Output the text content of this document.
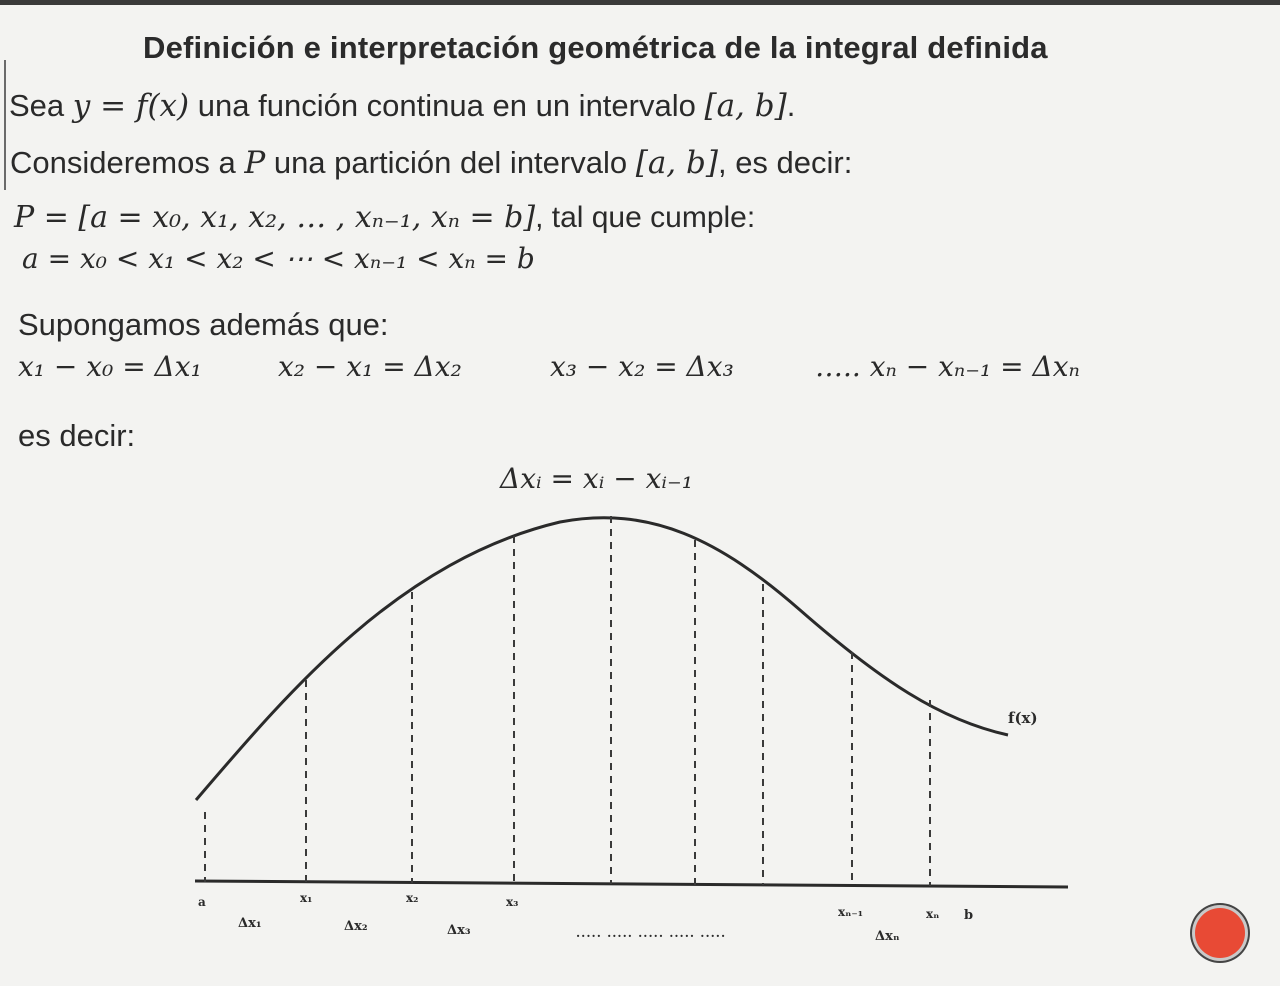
Definición e interpretación geométrica de la integral definida
Sea y = f(x) una función continua en un intervalo [a, b].
Consideremos a P una partición del intervalo [a, b], es decir:
P = [a = x₀, x₁, x₂, … , xₙ₋₁, xₙ = b], tal que cumple:
a = x₀ < x₁ < x₂ < ⋯ < xₙ₋₁ < xₙ = b
Supongamos además que:
x₁ − x₀ = Δx₁	x₂ − x₁ = Δx₂	x₃ − x₂ = Δx₃	….. xₙ − xₙ₋₁ = Δxₙ
es decir:
Δxᵢ = xᵢ − xᵢ₋₁
a	x₁	x₂	x₃
xₙ₋₁	xₙ b
Δx₁	Δx₂	Δx₃	Δxₙ
..... ..... ..... ..... .....
f(x)
